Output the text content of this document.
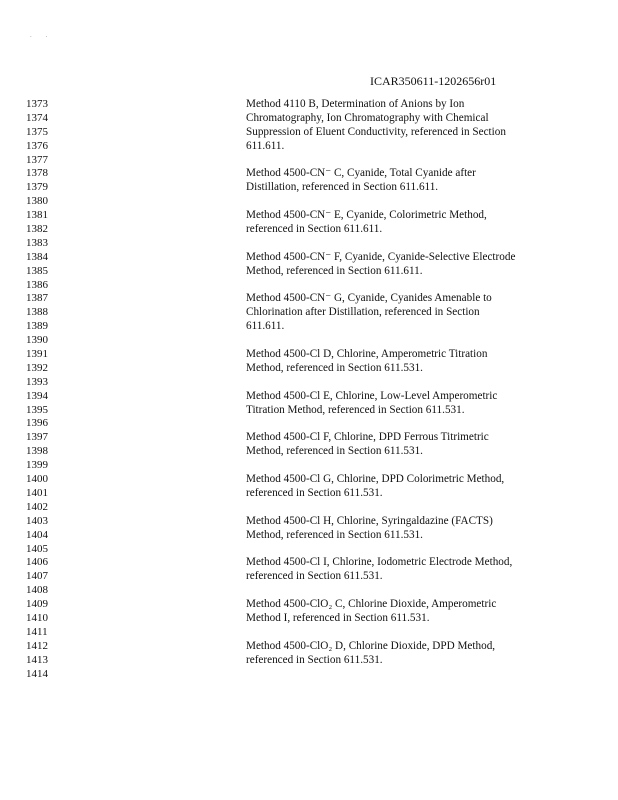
. .
ICAR350611-1202656r01
1373
1374
1375
1376
1377
1378
1379
1380
1381
1382
1383
1384
1385
1386
1387
1388
1389
1390
1391
1392
1393
1394
1395
1396
1397
1398
1399
1400
1401
1402
1403
1404
1405
1406
1407
1408
1409
1410
1411
1412
1413
1414
Method 4110 B, Determination of Anions by Ion
Chromatography, Ion Chromatography with Chemical
Suppression of Eluent Conductivity, referenced in Section
611.611.
Method 4500-CN⁻ C, Cyanide, Total Cyanide after
Distillation, referenced in Section 611.611.
Method 4500-CN⁻ E, Cyanide, Colorimetric Method,
referenced in Section 611.611.
Method 4500-CN⁻ F, Cyanide, Cyanide-Selective Electrode
Method, referenced in Section 611.611.
Method 4500-CN⁻ G, Cyanide, Cyanides Amenable to
Chlorination after Distillation, referenced in Section
611.611.
Method 4500-Cl D, Chlorine, Amperometric Titration
Method, referenced in Section 611.531.
Method 4500-Cl E, Chlorine, Low-Level Amperometric
Titration Method, referenced in Section 611.531.
Method 4500-Cl F, Chlorine, DPD Ferrous Titrimetric
Method, referenced in Section 611.531.
Method 4500-Cl G, Chlorine, DPD Colorimetric Method,
referenced in Section 611.531.
Method 4500-Cl H, Chlorine, Syringaldazine (FACTS)
Method, referenced in Section 611.531.
Method 4500-Cl I, Chlorine, Iodometric Electrode Method,
referenced in Section 611.531.
Method 4500-ClO₂ C, Chlorine Dioxide, Amperometric
Method I, referenced in Section 611.531.
Method 4500-ClO₂ D, Chlorine Dioxide, DPD Method,
referenced in Section 611.531.
